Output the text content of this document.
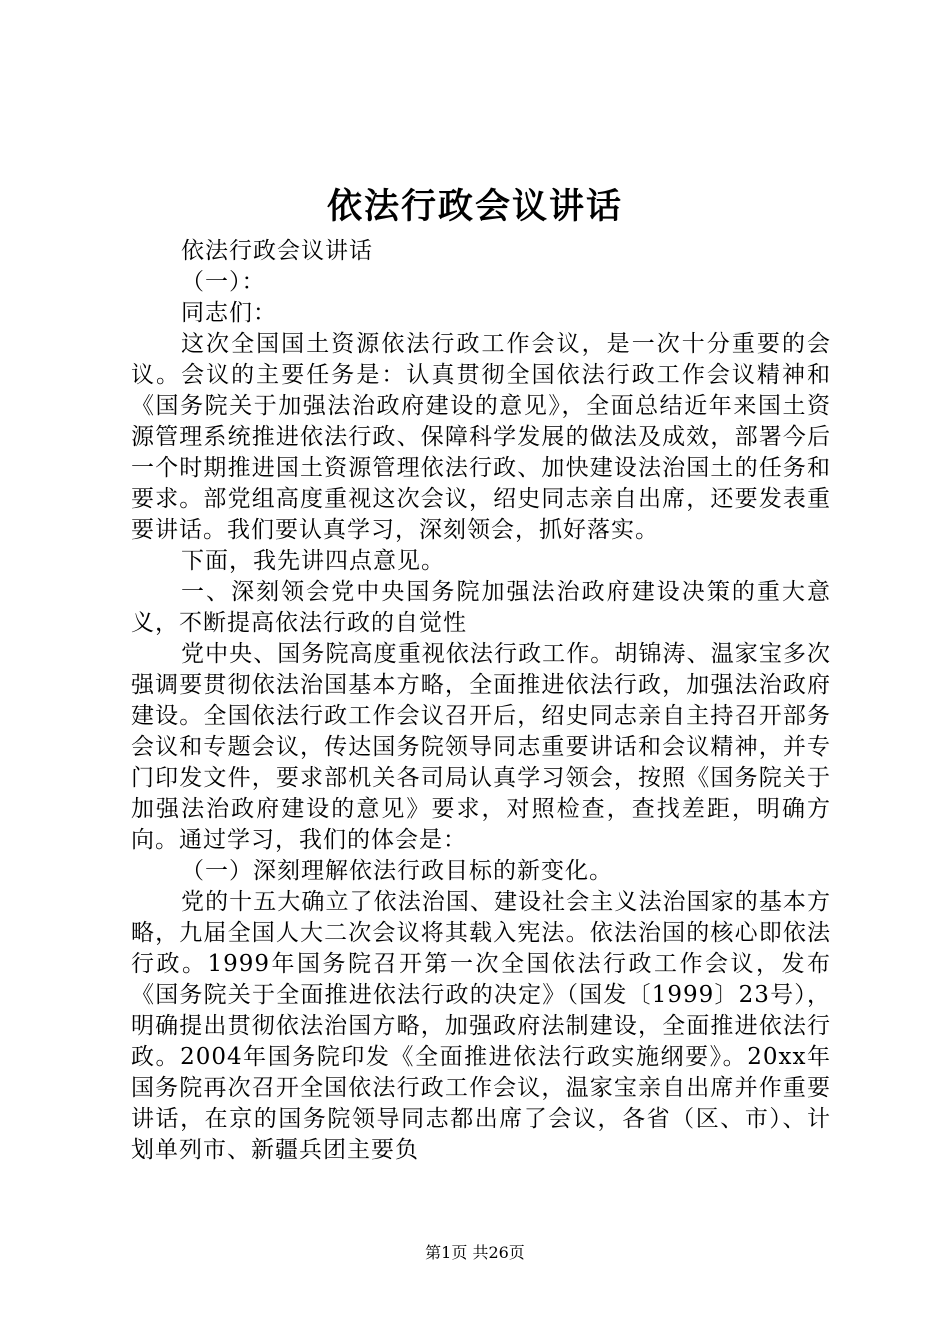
依法行政会议讲话

依法行政会议讲话

（一）：

同志们：

这次全国国土资源依法行政工作会议，是一次十分重要的会议。会议的主要任务是：认真贯彻全国依法行政工作会议精神和《国务院关于加强法治政府建设的意见》，全面总结近年来国土资源管理系统推进依法行政、保障科学发展的做法及成效，部署今后一个时期推进国土资源管理依法行政、加快建设法治国土的任务和要求。部党组高度重视这次会议，绍史同志亲自出席，还要发表重要讲话。我们要认真学习，深刻领会，抓好落实。

下面，我先讲四点意见。

一、深刻领会党中央国务院加强法治政府建设决策的重大意义，不断提高依法行政的自觉性

党中央、国务院高度重视依法行政工作。胡锦涛、温家宝多次强调要贯彻依法治国基本方略，全面推进依法行政，加强法治政府建设。全国依法行政工作会议召开后，绍史同志亲自主持召开部务会议和专题会议，传达国务院领导同志重要讲话和会议精神，并专门印发文件，要求部机关各司局认真学习领会，按照《国务院关于加强法治政府建设的意见》要求，对照检查，查找差距，明确方向。通过学习，我们的体会是：

（一）深刻理解依法行政目标的新变化。

党的十五大确立了依法治国、建设社会主义法治国家的基本方略，九届全国人大二次会议将其载入宪法。依法治国的核心即依法行政。1999年国务院召开第一次全国依法行政工作会议，发布《国务院关于全面推进依法行政的决定》（国发〔1999〕23号），明确提出贯彻依法治国方略，加强政府法制建设，全面推进依法行政。2004年国务院印发《全面推进依法行政实施纲要》。20xx年国务院再次召开全国依法行政工作会议，温家宝亲自出席并作重要讲话，在京的国务院领导同志都出席了会议，各省（区、市）、计划单列市、新疆兵团主要负

第1页 共26页
